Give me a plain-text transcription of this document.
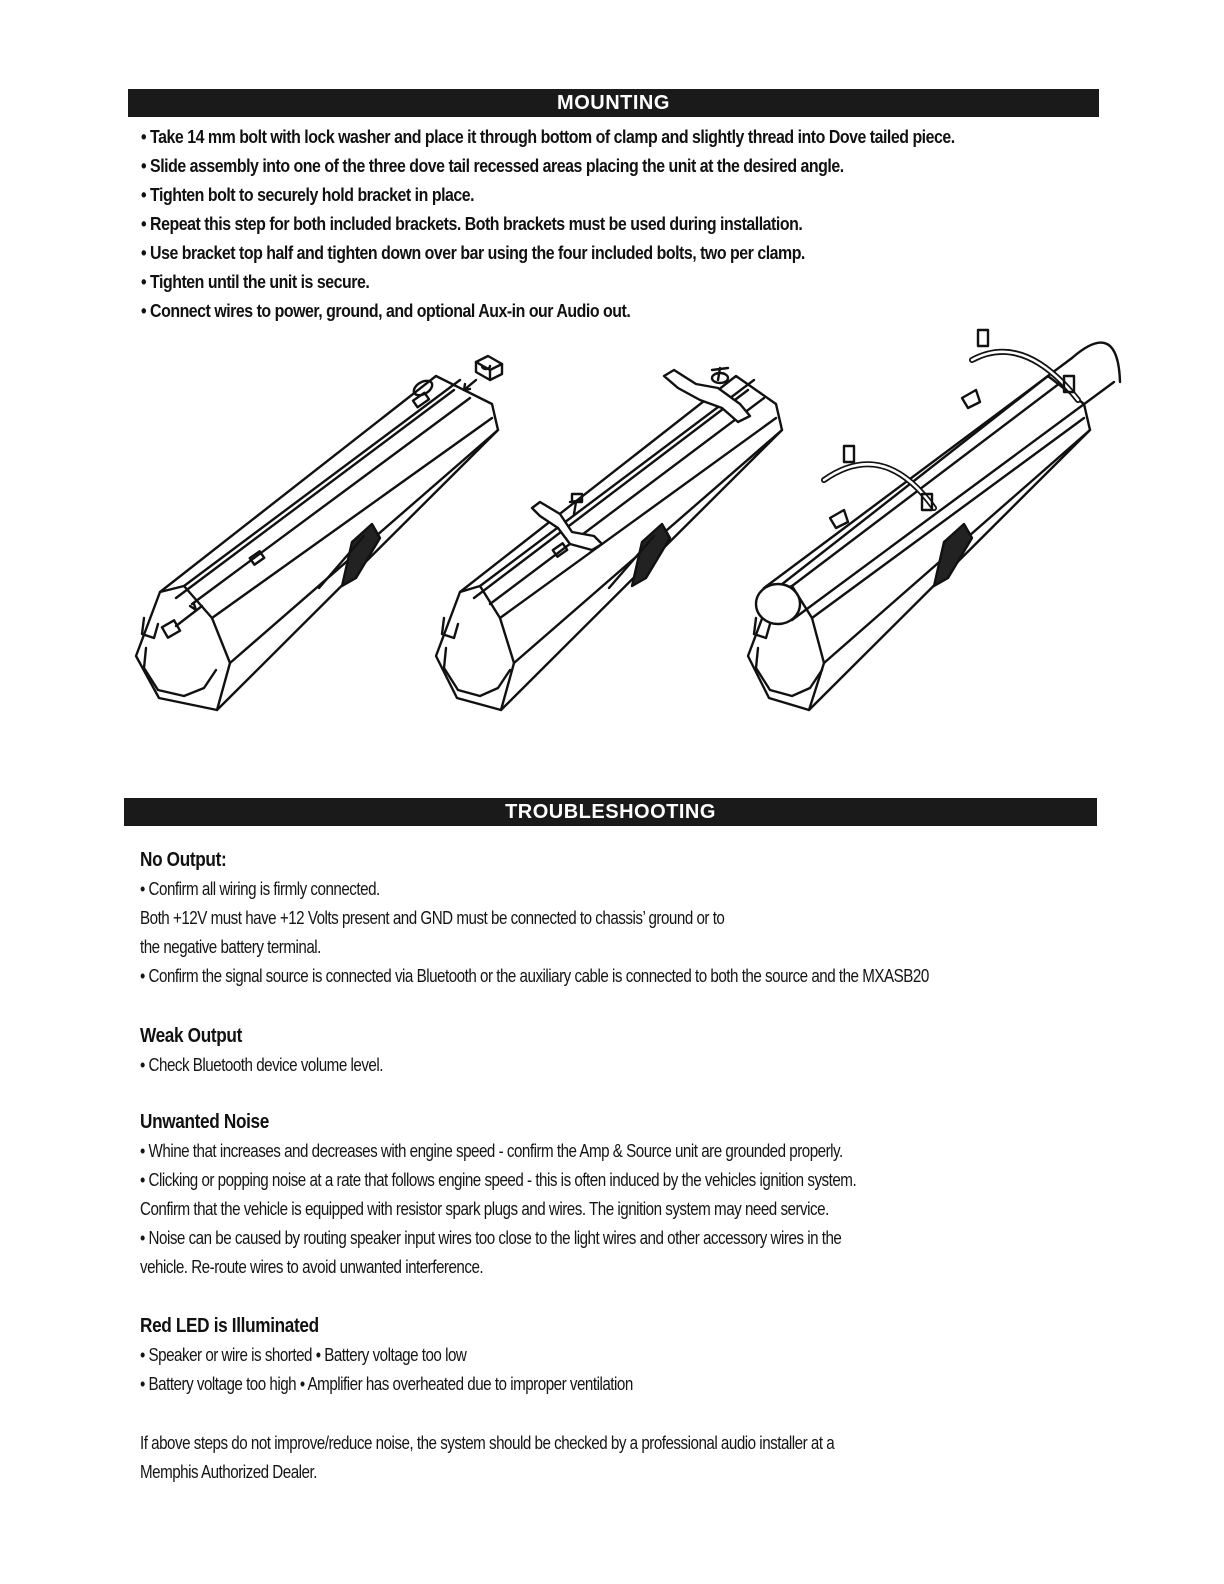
MOUNTING
• Take 14 mm bolt with lock washer and place it through bottom of clamp and slightly thread into Dove tailed piece.
• Slide assembly into one of the three dove tail recessed areas placing the unit at the desired angle.
• Tighten bolt to securely hold bracket in place.
• Repeat this step for both included brackets. Both brackets must be used during installation.
• Use bracket top half and tighten down over bar using the four included bolts, two per clamp.
• Tighten until the unit is secure.
• Connect wires to power, ground, and optional Aux-in our Audio out.
TROUBLESHOOTING
No Output:

• Confirm all wiring is firmly connected.

Both +12V must have +12 Volts present and GND must be connected to chassis’ ground or to

the negative battery terminal.

• Confirm the signal source is connected via Bluetooth or the auxiliary cable is connected to both the source and the MXASB20

Weak Output

• Check Bluetooth device volume level.

Unwanted Noise

• Whine that increases and decreases with engine speed - confirm the Amp & Source unit are grounded properly.

• Clicking or popping noise at a rate that follows engine speed - this is often induced by the vehicles ignition system.

Confirm that the vehicle is equipped with resistor spark plugs and wires. The ignition system may need service.

• Noise can be caused by routing speaker input wires too close to the light wires and other accessory wires in the

vehicle. Re-route wires to avoid unwanted interference.

Red LED is Illuminated

• Speaker or wire is shorted • Battery voltage too low

• Battery voltage too high • Amplifier has overheated due to improper ventilation

If above steps do not improve/reduce noise, the system should be checked by a professional audio installer at a

Memphis Authorized Dealer.
